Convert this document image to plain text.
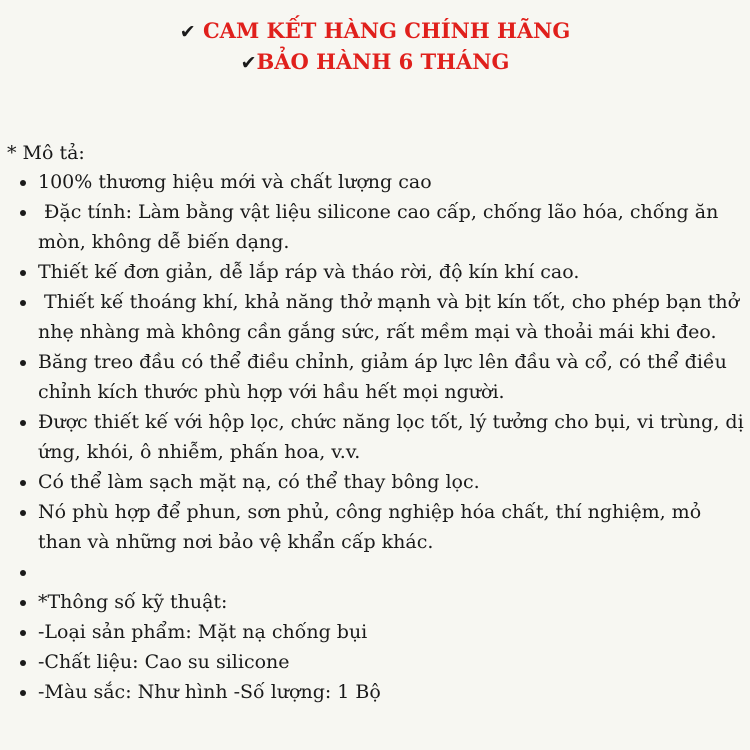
✔ CAM KẾT HÀNG CHÍNH HÃNG
✔BẢO HÀNH 6 THÁNG

* Mô tả:

• 100% thương hiệu mới và chất lượng cao
•  Đặc tính: Làm bằng vật liệu silicone cao cấp, chống lão hóa, chống ăn mòn, không dễ biến dạng.
• Thiết kế đơn giản, dễ lắp ráp và tháo rời, độ kín khí cao.
•  Thiết kế thoáng khí, khả năng thở mạnh và bịt kín tốt, cho phép bạn thở nhẹ nhàng mà không cần gắng sức, rất mềm mại và thoải mái khi đeo.
• Băng treo đầu có thể điều chỉnh, giảm áp lực lên đầu và cổ, có thể điều chỉnh kích thước phù hợp với hầu hết mọi người.
• Được thiết kế với hộp lọc, chức năng lọc tốt, lý tưởng cho bụi, vi trùng, dị ứng, khói, ô nhiễm, phấn hoa, v.v.
• Có thể làm sạch mặt nạ, có thể thay bông lọc.
• Nó phù hợp để phun, sơn phủ, công nghiệp hóa chất, thí nghiệm, mỏ than và những nơi bảo vệ khẩn cấp khác.
•
• *Thông số kỹ thuật:
• -Loại sản phẩm: Mặt nạ chống bụi
• -Chất liệu: Cao su silicone
• -Màu sắc: Như hình -Số lượng: 1 Bộ
